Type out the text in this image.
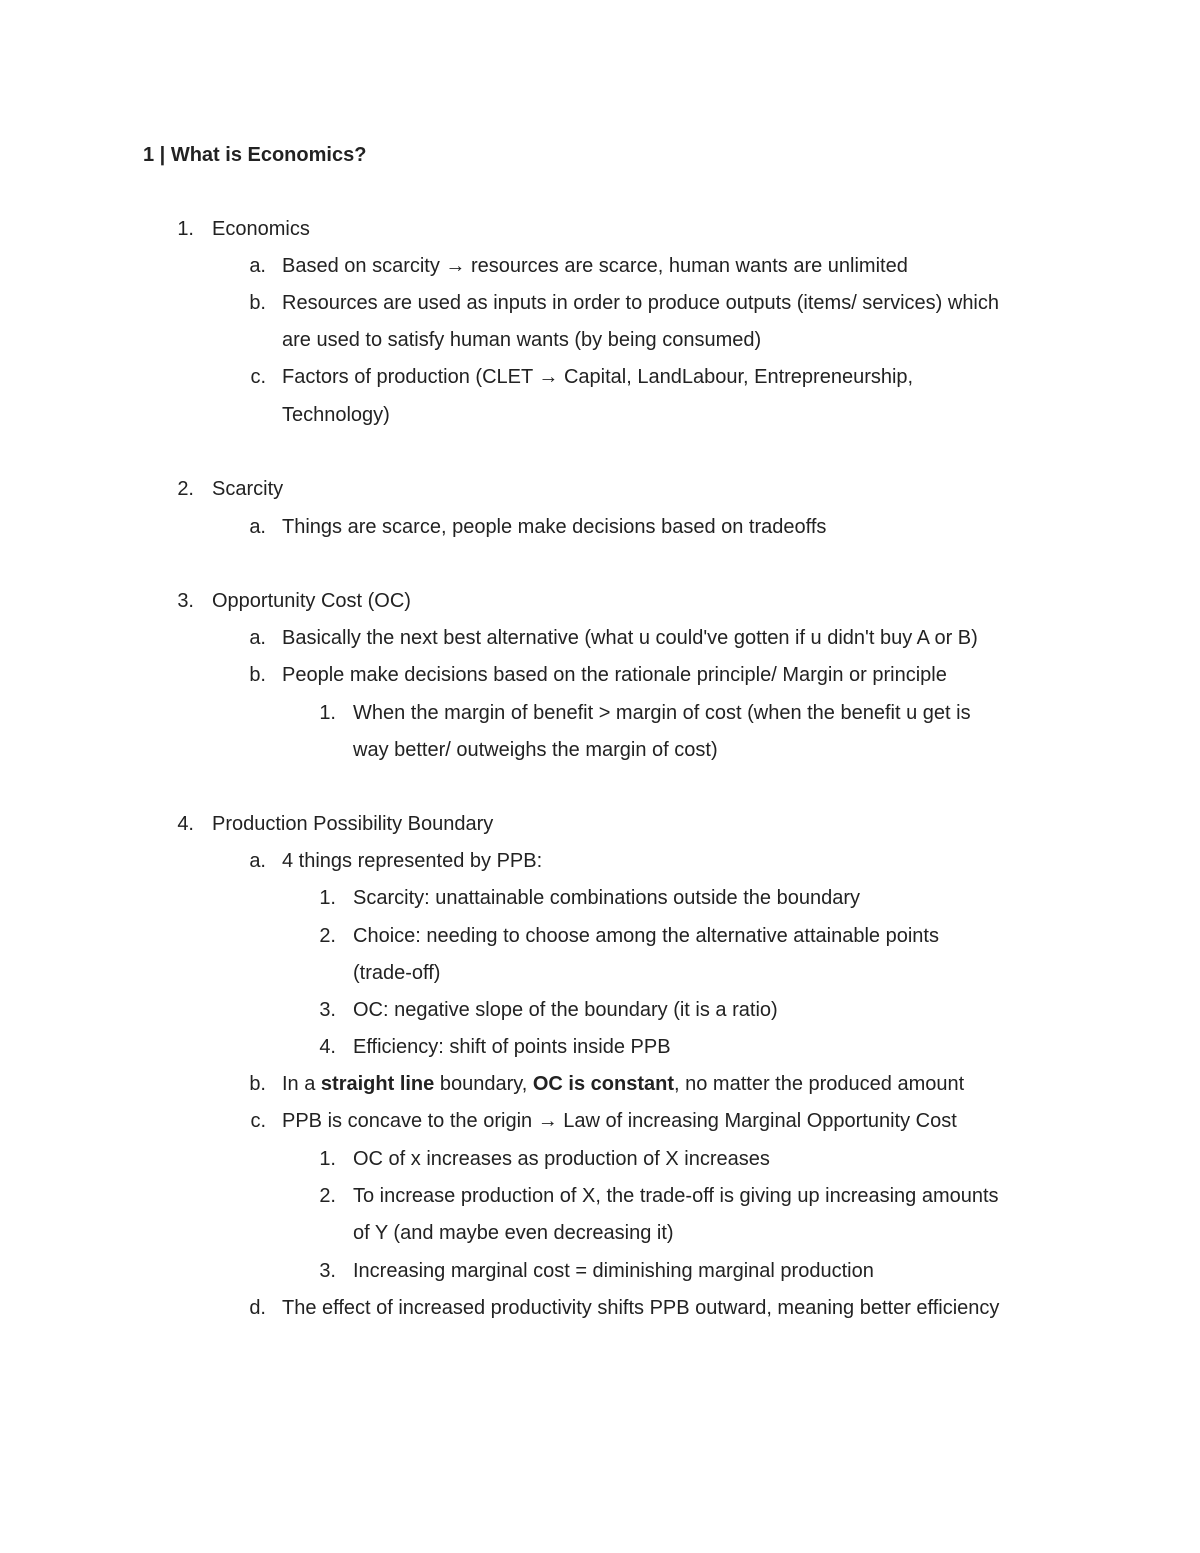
1 | What is Economics?
1. Economics
a. Based on scarcity → resources are scarce, human wants are unlimited
b. Resources are used as inputs in order to produce outputs (items/ services) which
are used to satisfy human wants (by being consumed)
c. Factors of production (CLET → Capital, LandLabour, Entrepreneurship,
Technology)
2. Scarcity
a. Things are scarce, people make decisions based on tradeoffs
3. Opportunity Cost (OC)
a. Basically the next best alternative (what u could've gotten if u didn't buy A or B)
b. People make decisions based on the rationale principle/ Margin or principle
1. When the margin of benefit > margin of cost (when the benefit u get is
way better/ outweighs the margin of cost)
4. Production Possibility Boundary
a. 4 things represented by PPB:
1. Scarcity: unattainable combinations outside the boundary
2. Choice: needing to choose among the alternative attainable points
(trade-off)
3. OC: negative slope of the boundary (it is a ratio)
4. Efficiency: shift of points inside PPB
b. In a straight line boundary, OC is constant, no matter the produced amount
c. PPB is concave to the origin → Law of increasing Marginal Opportunity Cost
1. OC of x increases as production of X increases
2. To increase production of X, the trade-off is giving up increasing amounts
of Y (and maybe even decreasing it)
3. Increasing marginal cost = diminishing marginal production
d. The effect of increased productivity shifts PPB outward, meaning better efficiency
